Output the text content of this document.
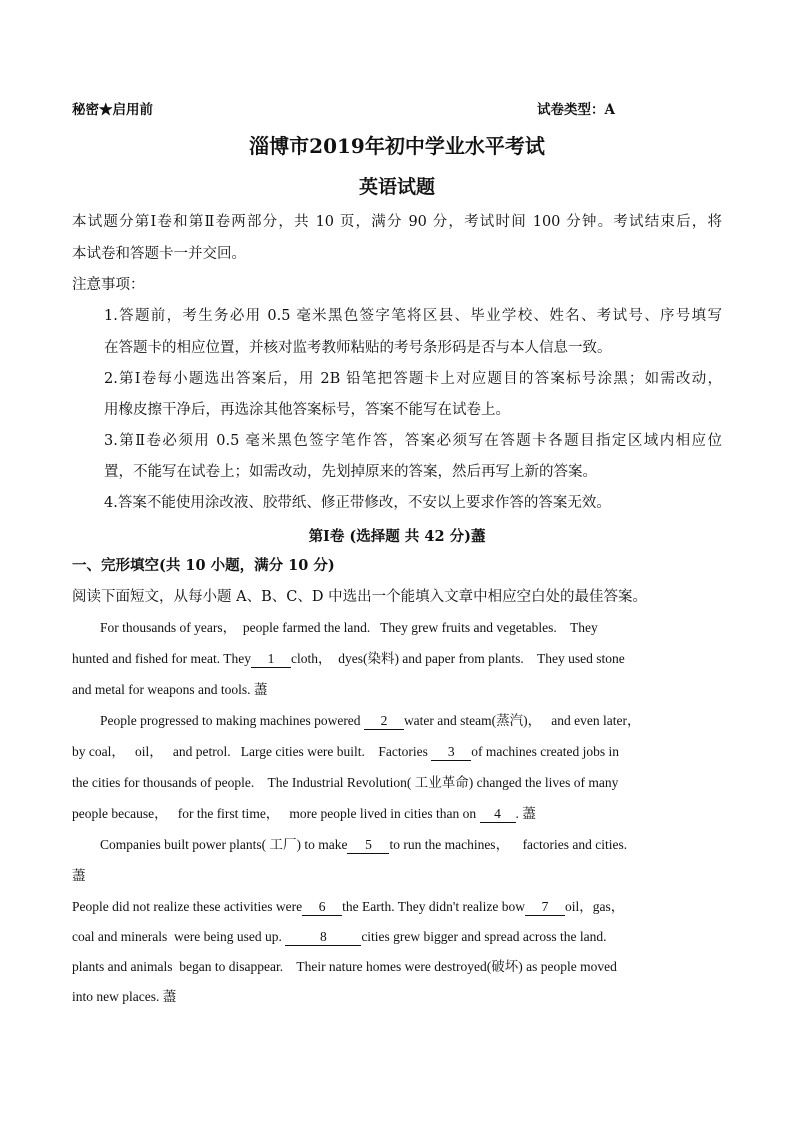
秘密★启用前	试卷类型：A
淄博市2019年初中学业水平考试
英语试题
本试题分第Ⅰ卷和第Ⅱ卷两部分，共 10 页，满分 90 分，考试时间 100 分钟。考试结束后，将
本试卷和答题卡一并交回。
注意事项：
1.答题前，考生务必用 0.5 毫米黑色签字笔将区县、毕业学校、姓名、考试号、序号填写
在答题卡的相应位置，并核对监考教师粘贴的考号条形码是否与本人信息一致。
2.第Ⅰ卷每小题选出答案后，用 2B 铅笔把答题卡上对应题目的答案标号涂黑；如需改动，
用橡皮擦干净后，再选涂其他答案标号，答案不能写在试卷上。
3.第Ⅱ卷必须用 0.5 毫米黑色签字笔作答，答案必须写在答题卡各题目指定区域内相应位
置，不能写在试卷上；如需改动，先划掉原来的答案，然后再写上新的答案。
4.答案不能使用涂改液、胶带纸、修正带修改，不安以上要求作答的答案无效。
第Ⅰ卷 (选择题 共 42 分)藎
一、完形填空(共 10 小题，满分 10 分)
阅读下面短文，从每小题 A、B、C、D 中选出一个能填入文章中相应空白处的最佳答案。
For thousands of years，  people farmed the land.   They grew fruits and vegetables.    They
hunted and fished for meat. They 1 cloth，  dyes(染料) and paper from plants.    They used stone
and metal for weapons and tools. 藎
People progressed to making machines powered 2 water and steam(蒸汽)，   and even later，
by coal，   oil，   and petrol.   Large cities were built.    Factories 3 of machines created jobs in
the cities for thousands of people.    The Industrial Revolution( 工业革命) changed the lives of many
people because，   for the first time，   more people lived in cities than on 4 . 藎
Companies built power plants( 工厂) to make 5 to run the machines，    factories and cities.
藎
People did not realize these activities were 6 the Earth. They didn't realize bow 7 oil，gas，
coal and minerals  were being used up.	8	cities grew bigger and spread across the land.
plants and animals  began to disappear.    Their nature homes were destroyed(破坏) as people moved
into new places. 藎
